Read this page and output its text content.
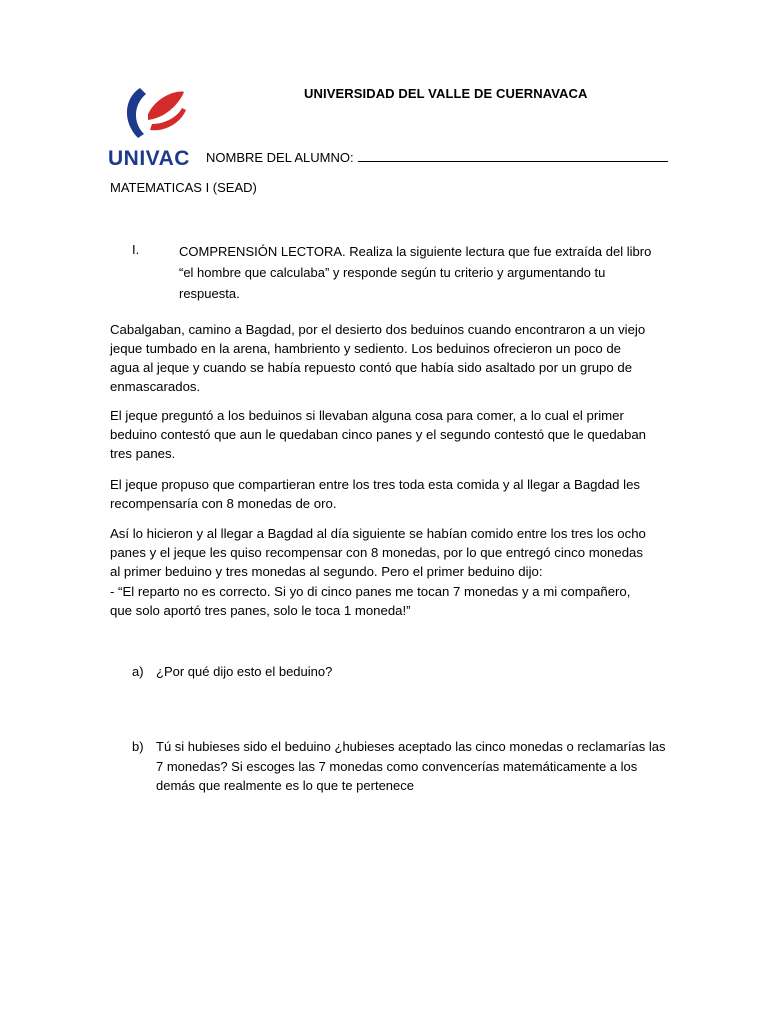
UNIVAC
UNIVERSIDAD DEL VALLE DE CUERNAVACA
NOMBRE DEL ALUMNO:
MATEMATICAS I (SEAD)
I.	COMPRENSIÓN LECTORA. Realiza la siguiente lectura que fue extraída del libro “el hombre que calculaba” y responde según tu criterio y argumentando tu respuesta.
Cabalgaban, camino a Bagdad, por el desierto dos beduinos cuando encontraron a un viejo jeque tumbado en la arena, hambriento y sediento. Los beduinos ofrecieron un poco de agua al jeque y cuando se había repuesto contó que había sido asaltado por un grupo de enmascarados.
El jeque preguntó a los beduinos si llevaban alguna cosa para comer, a lo cual el primer beduino contestó que aun le quedaban cinco panes y el segundo contestó que le quedaban tres panes.
El jeque propuso que compartieran entre los tres toda esta comida y al llegar a Bagdad les recompensaría con 8 monedas de oro.
Así lo hicieron y al llegar a Bagdad al día siguiente se habían comido entre los tres los ocho panes y el jeque les quiso recompensar con 8 monedas, por lo que entregó cinco monedas al primer beduino y tres monedas al segundo. Pero el primer beduino dijo:
- “El reparto no es correcto. Si yo di cinco panes me tocan 7 monedas y a mi compañero, que solo aportó tres panes, solo le toca 1 moneda!”
a) ¿Por qué dijo esto el beduino?
b) Tú si hubieses sido el beduino ¿hubieses aceptado las cinco monedas o reclamarías las 7 monedas? Si escoges las 7 monedas como convencerías matemáticamente a los demás que realmente es lo que te pertenece
